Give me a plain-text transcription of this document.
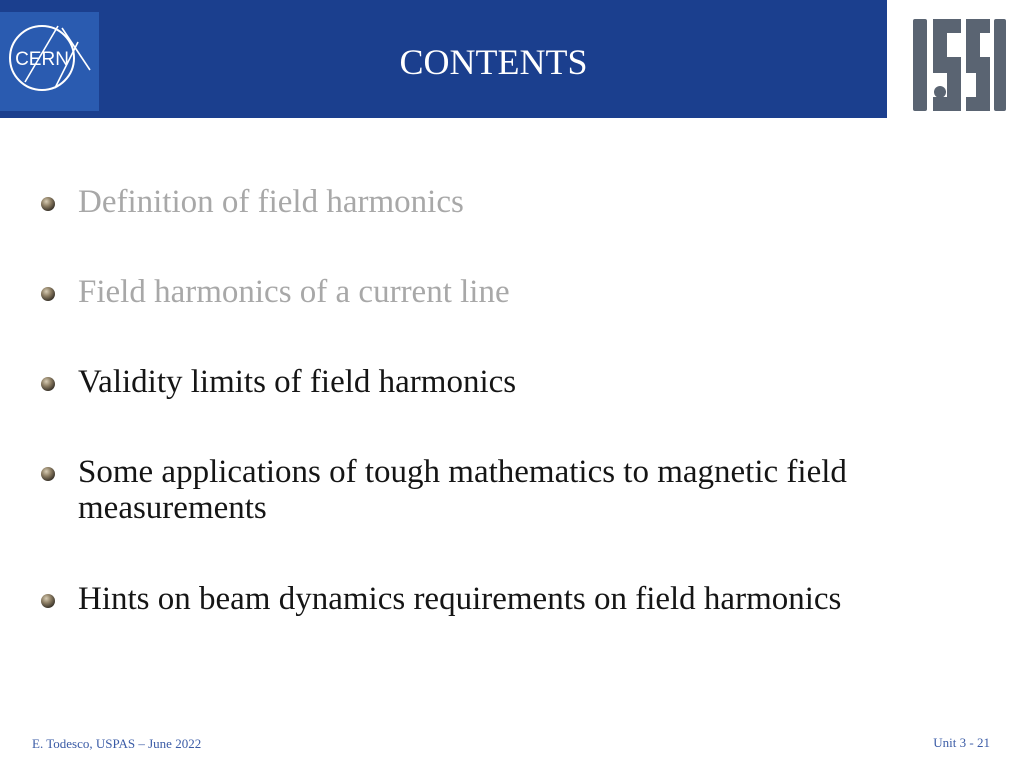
CERN	CONTENTS
Definition of field harmonics
Field harmonics of a current line
Validity limits of field harmonics
Some applications of tough mathematics to magnetic field measurements
Hints on beam dynamics requirements on field harmonics
E. Todesco, USPAS – June 2022	Unit 3 - 21
